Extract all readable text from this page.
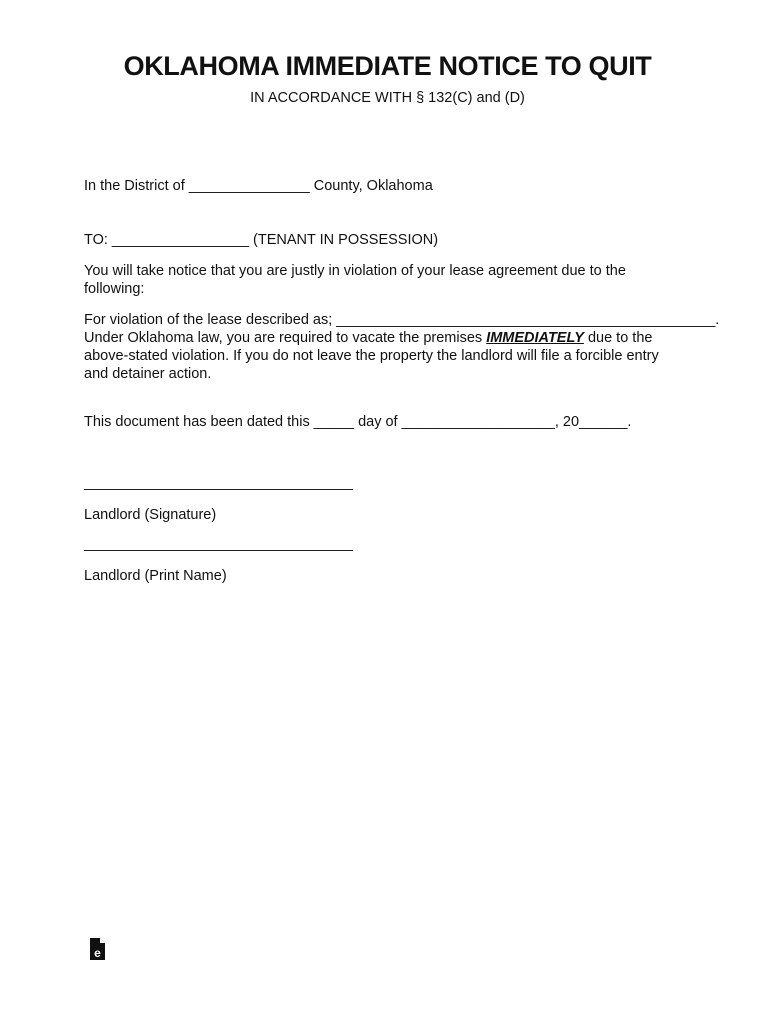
OKLAHOMA IMMEDIATE NOTICE TO QUIT
IN ACCORDANCE WITH § 132(C) and (D)
In the District of _______________ County, Oklahoma
TO: _________________ (TENANT IN POSSESSION)
You will take notice that you are justly in violation of your lease agreement due to the
following:
For violation of the lease described as; _______________________________________________.
Under Oklahoma law, you are required to vacate the premises IMMEDIATELY due to the
above-stated violation. If you do not leave the property the landlord will file a forcible entry
and detainer action.
This document has been dated this _____ day of ___________________, 20______.
Landlord (Signature)
Landlord (Print Name)
e
